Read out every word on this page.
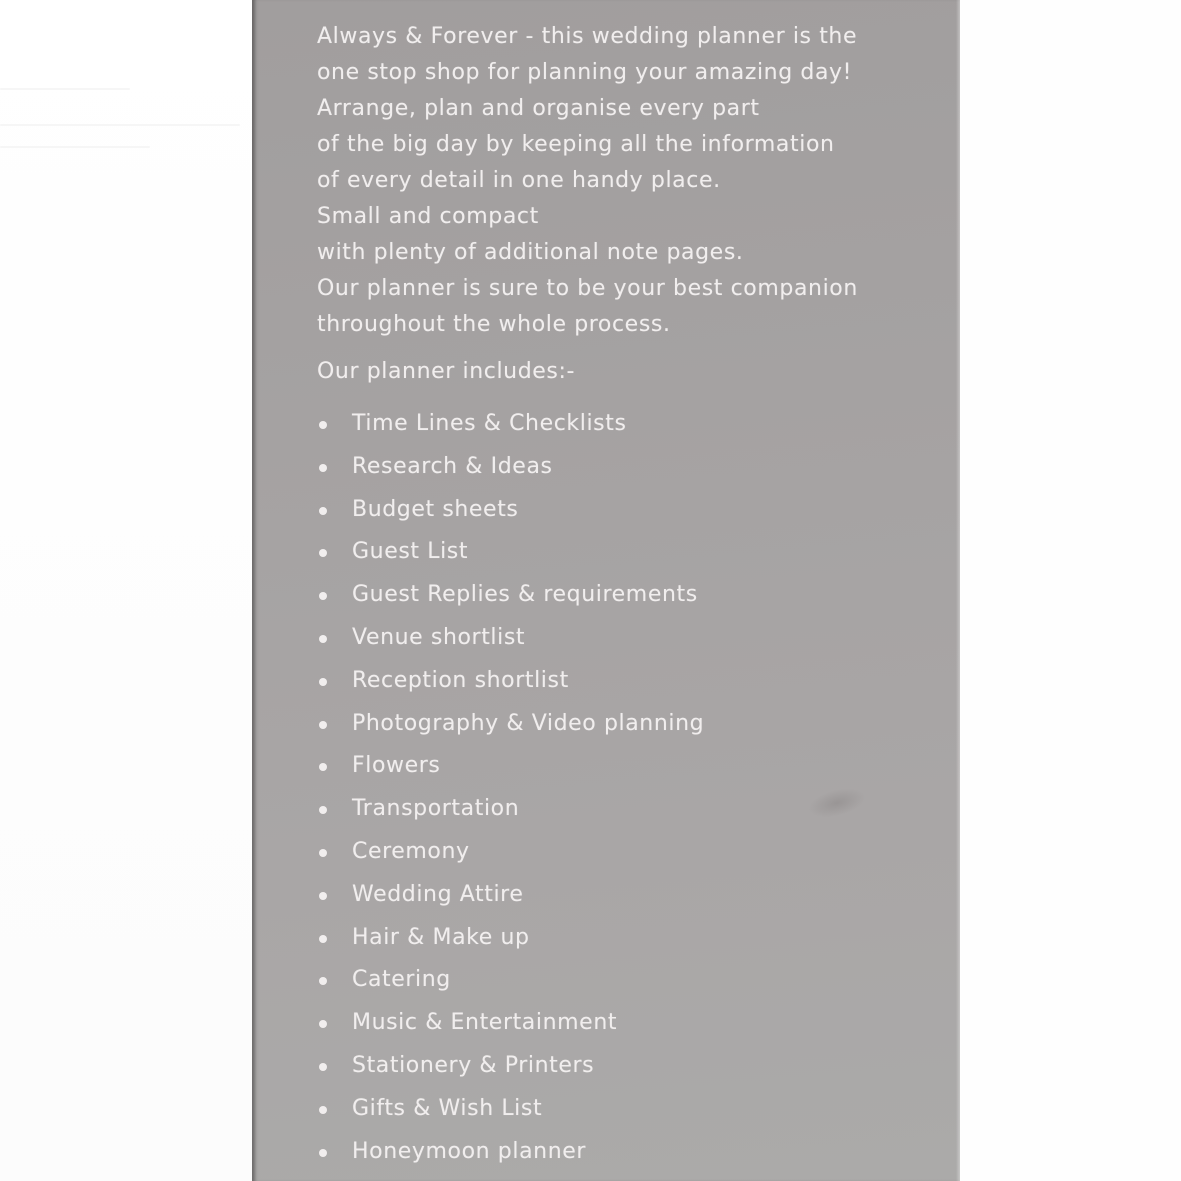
Always & Forever - this wedding planner is the
one stop shop for planning your amazing day!
Arrange, plan and organise every part
of the big day by keeping all the information
of every detail in one handy place.
Small and compact
with plenty of additional note pages.
Our planner is sure to be your best companion
throughout the whole process.
Our planner includes:-
Time Lines & Checklists
Research & Ideas
Budget sheets
Guest List
Guest Replies & requirements
Venue shortlist
Reception shortlist
Photography & Video planning
Flowers
Transportation
Ceremony
Wedding Attire
Hair & Make up
Catering
Music & Entertainment
Stationery & Printers
Gifts & Wish List
Honeymoon planner
